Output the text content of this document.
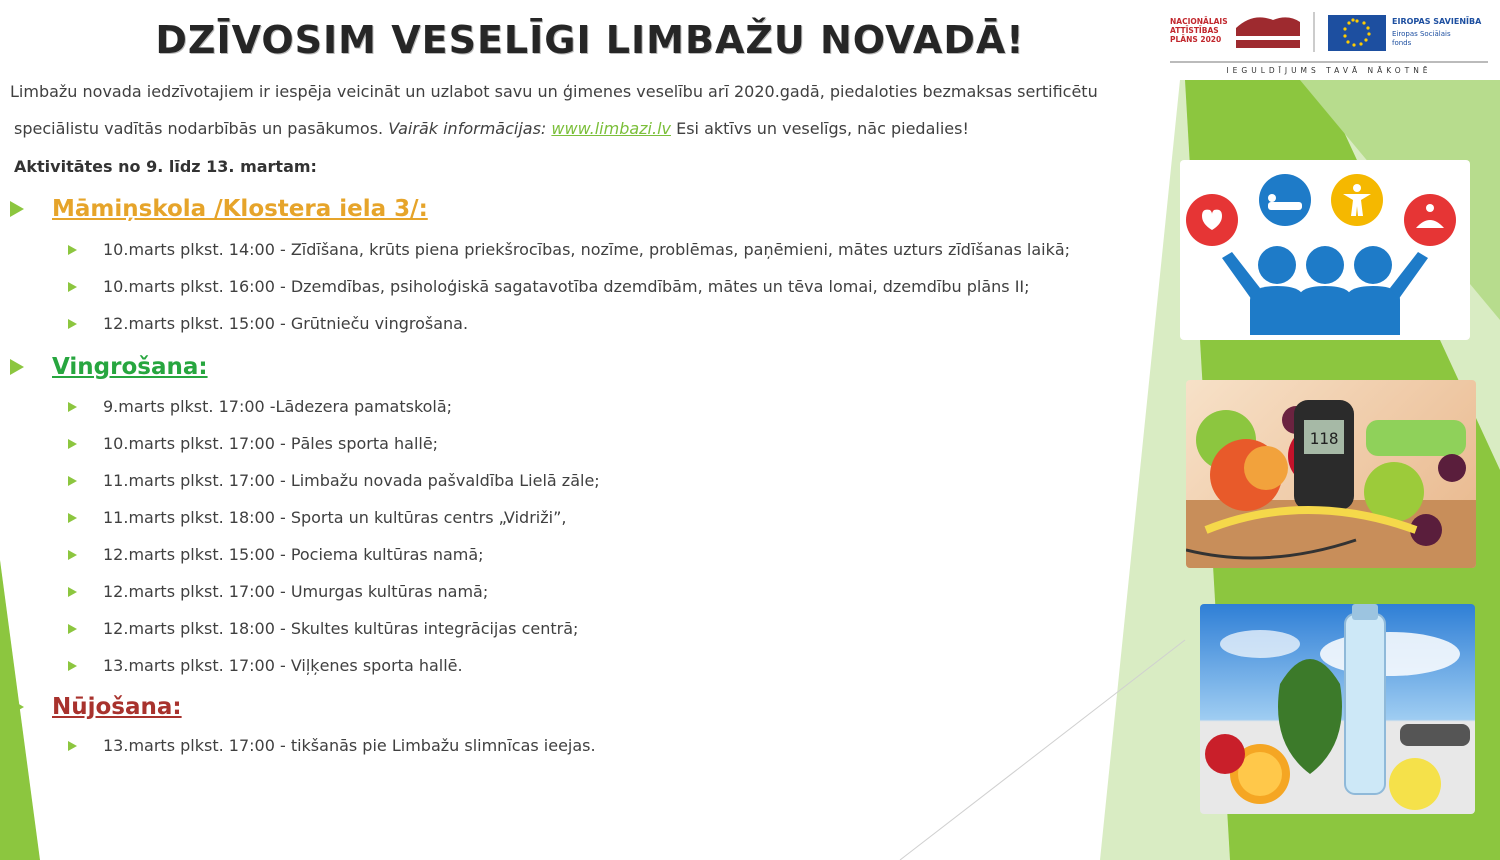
DZĪVOSIM VESELĪGI LIMBAŽU NOVADĀ!
Limbažu novada iedzīvotajiem ir iespēja veicināt un uzlabot savu un ģimenes veselību arī 2020.gadā, piedaloties bezmaksas sertificētu
speciālistu vadītās nodarbībās un pasākumos. Vairāk informācijas: www.limbazi.lv Esi aktīvs un veselīgs, nāc piedalies!
Aktivitātes no 9. līdz 13. martam:
Māmiņskola /Klostera iela 3/:
10.marts plkst. 14:00 - Zīdīšana, krūts piena priekšrocības, nozīme, problēmas, paņēmieni, mātes uzturs zīdīšanas laikā;
10.marts plkst. 16:00 - Dzemdības, psiholoģiskā sagatavotība dzemdībām, mātes un tēva lomai, dzemdību plāns II;
12.marts plkst. 15:00 - Grūtnieču vingrošana.
Vingrošana:
9.marts plkst. 17:00 -Lādezera pamatskolā;
10.marts plkst. 17:00 - Pāles sporta hallē;
11.marts plkst. 17:00 - Limbažu novada pašvaldība Lielā zāle;
11.marts plkst. 18:00 - Sporta un kultūras centrs „Vidriži”,
12.marts plkst. 15:00 - Pociema kultūras namā;
12.marts plkst. 17:00 - Umurgas kultūras namā;
12.marts plkst. 18:00 - Skultes kultūras integrācijas centrā;
13.marts plkst. 17:00 - Viļķenes sporta hallē.
Nūjošana:
13.marts plkst. 17:00 - tikšanās pie Limbažu slimnīcas ieejas.
NACIONĀLAIS
ATTĪSTĪBAS
PLĀNS 2020
EIROPAS SAVIENĪBA
Eiropas Sociālais
fonds
IEGULDĪJUMS TAVĀ NĀKOTNĒ
118
